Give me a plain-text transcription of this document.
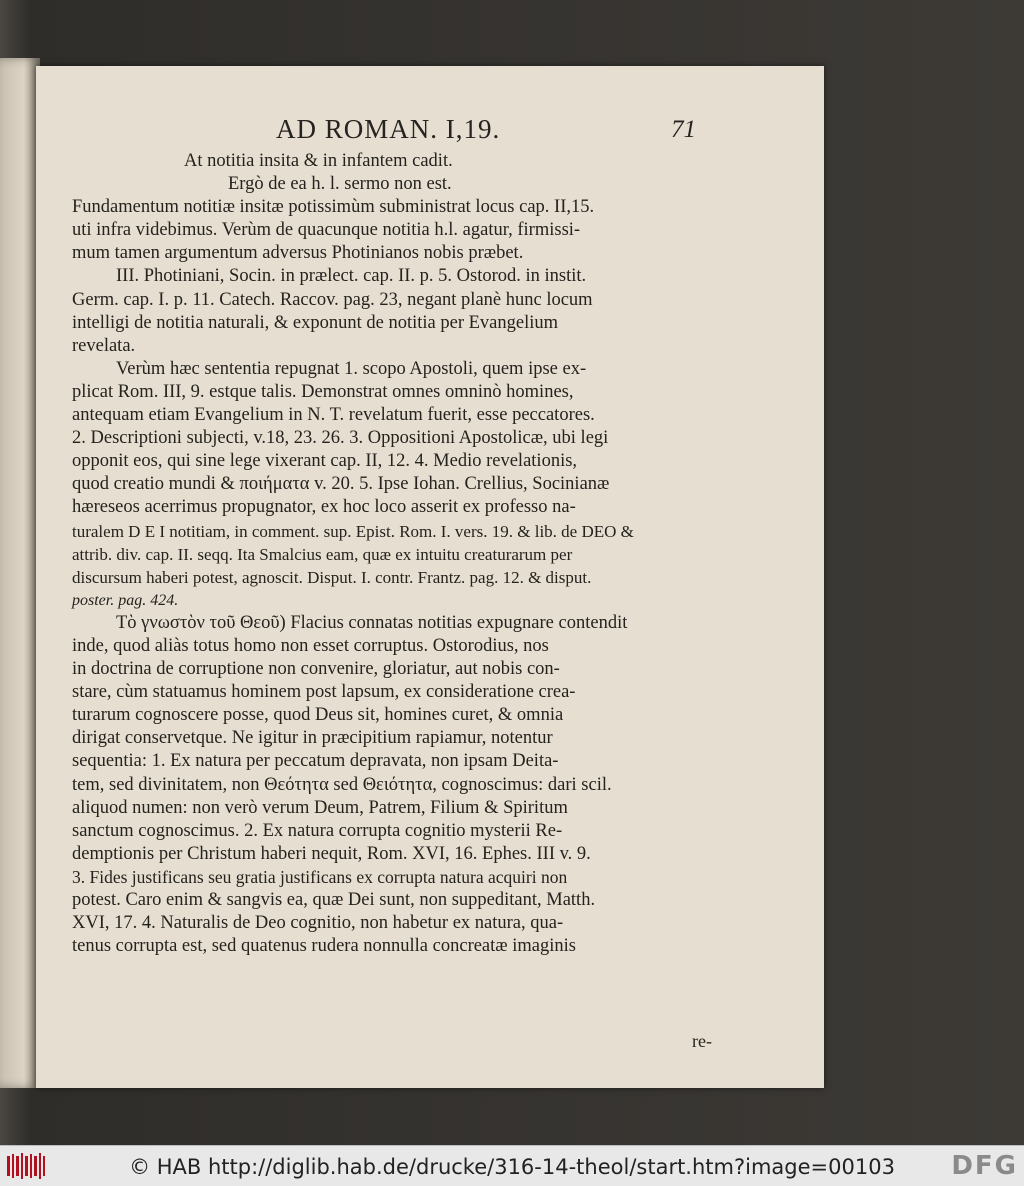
AD ROMAN. I,19.	71
At notitia insita & in infantem cadit.
Ergò de ea h. l. sermo non est.
Fundamentum notitiæ insitæ potissimùm subministrat locus cap. II,15.
uti infra videbimus. Verùm de quacunque notitia h.l. agatur, firmissi-
mum tamen argumentum adversus Photinianos nobis præbet.
III. Photiniani, Socin. in prælect. cap. II. p. 5. Ostorod. in instit.
Germ. cap. I. p. 11. Catech. Raccov. pag. 23, negant planè hunc locum
intelligi de notitia naturali, & exponunt de notitia per Evangelium
revelata.
Verùm hæc sententia repugnat 1. scopo Apostoli, quem ipse ex-
plicat Rom. III, 9. estque talis. Demonstrat omnes omninò homines,
antequam etiam Evangelium in N. T. revelatum fuerit, esse peccatores.
2. Descriptioni subjecti, v.18, 23. 26. 3. Oppositioni Apostolicæ, ubi legi
opponit eos, qui sine lege vixerant cap. II, 12. 4. Medio revelationis,
quod creatio mundi & ποιήματα v. 20. 5. Ipse Iohan. Crellius, Socinianæ
hæreseos acerrimus propugnator, ex hoc loco asserit ex professo na-
turalem D E I notitiam, in comment. sup. Epist. Rom. I. vers. 19. & lib. de DEO &
attrib. div. cap. II. seqq. Ita Smalcius eam, quæ ex intuitu creaturarum per
discursum haberi potest, agnoscit. Disput. I. contr. Frantz. pag. 12. & disput.
poster. pag. 424.
Τὸ γνωστὸν τοῦ Θεοῦ) Flacius connatas notitias expugnare contendit
inde, quod aliàs totus homo non esset corruptus. Ostorodius, nos
in doctrina de corruptione non convenire, gloriatur, aut nobis con-
stare, cùm statuamus hominem post lapsum, ex consideratione crea-
turarum cognoscere posse, quod Deus sit, homines curet, & omnia
dirigat conservetque. Ne igitur in præcipitium rapiamur, notentur
sequentia: 1. Ex natura per peccatum depravata, non ipsam Deita-
tem, sed divinitatem, non Θεότητα sed Θειότητα, cognoscimus: dari scil.
aliquod numen: non verò verum Deum, Patrem, Filium & Spiritum
sanctum cognoscimus. 2. Ex natura corrupta cognitio mysterii Re-
demptionis per Christum haberi nequit, Rom. XVI, 16. Ephes. III v. 9.
3. Fides justificans seu gratia justificans ex corrupta natura acquiri non
potest. Caro enim & sangvis ea, quæ Dei sunt, non suppeditant, Matth.
XVI, 17. 4. Naturalis de Deo cognitio, non habetur ex natura, qua-
tenus corrupta est, sed quatenus rudera nonnulla concreatæ imaginis
re-
© HAB http://diglib.hab.de/drucke/316-14-theol/start.htm?image=00103	DFG
